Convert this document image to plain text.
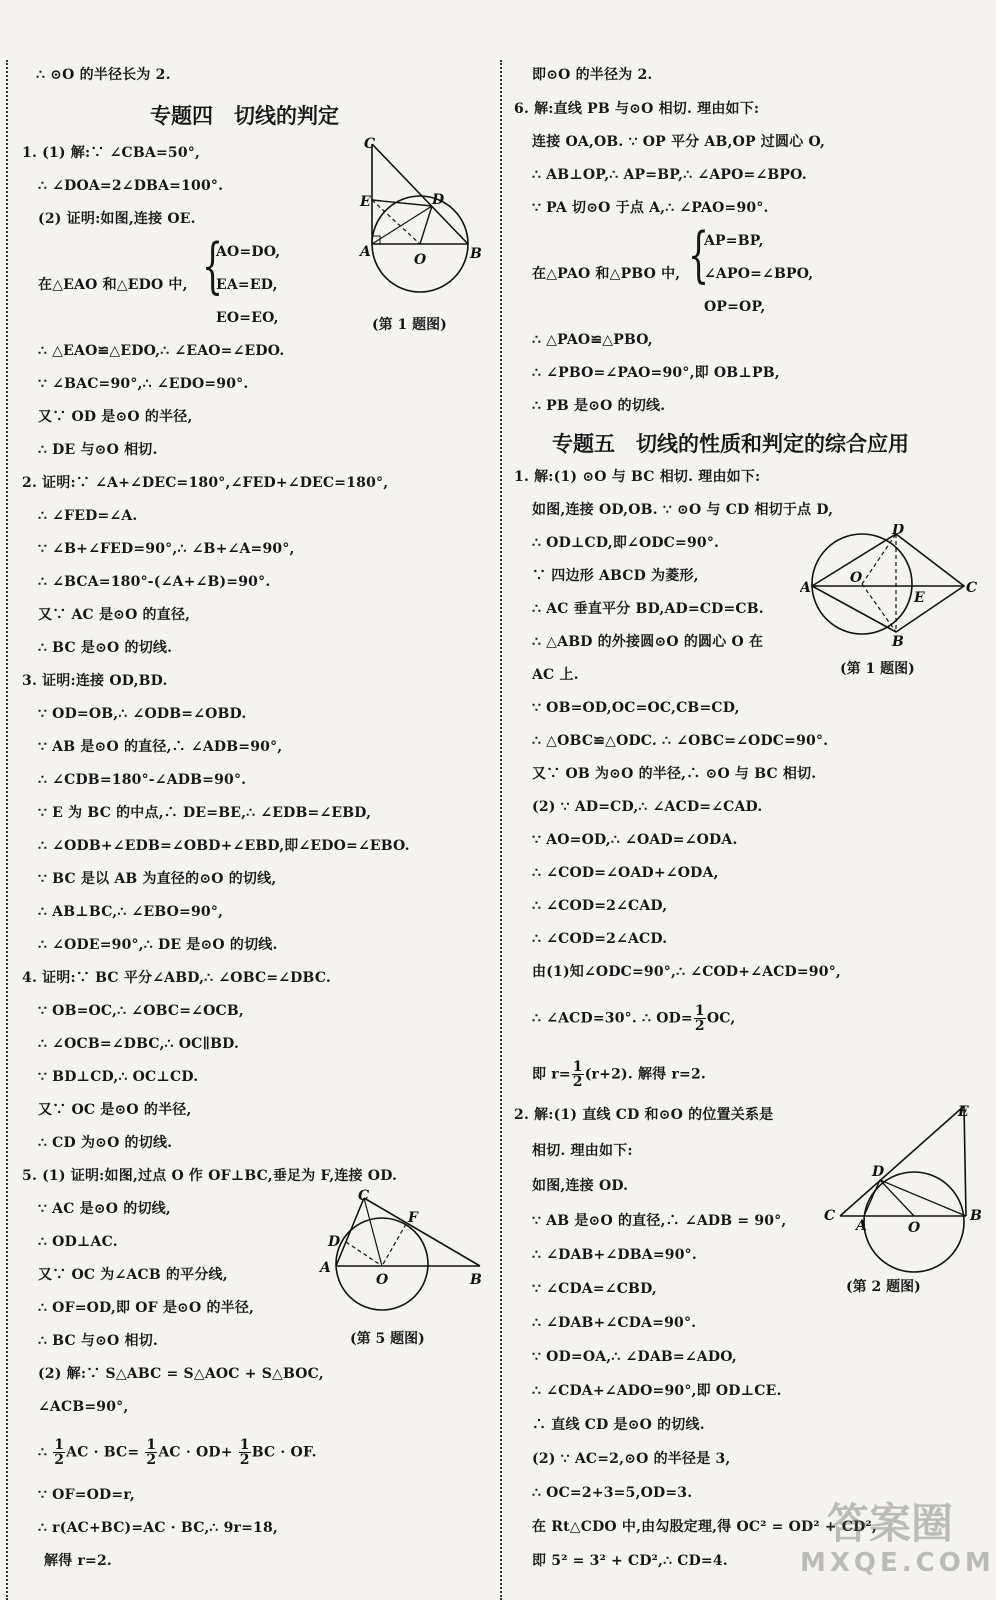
∴ ⊙O 的半径长为 2.
专题四　切线的判定
1. (1) 解:∵ ∠CBA=50°,
∴ ∠DOA=2∠DBA=100°.
(2) 证明:如图,连接 OE.
在△EAO 和△EDO 中, {
AO=DO,
EA=ED,
EO=EO,
∴ △EAO≌△EDO,∴ ∠EAO=∠EDO.
∵ ∠BAC=90°,∴ ∠EDO=90°.
又∵ OD 是⊙O 的半径,
∴ DE 与⊙O 相切.
2. 证明:∵ ∠A+∠DEC=180°,∠FED+∠DEC=180°,
∴ ∠FED=∠A.
∵ ∠B+∠FED=90°,∴ ∠B+∠A=90°,
∴ ∠BCA=180°-(∠A+∠B)=90°.
又∵ AC 是⊙O 的直径,
∴ BC 是⊙O 的切线.
3. 证明:连接 OD,BD.
∵ OD=OB,∴ ∠ODB=∠OBD.
∵ AB 是⊙O 的直径,∴ ∠ADB=90°,
∴ ∠CDB=180°-∠ADB=90°.
∵ E 为 BC 的中点,∴ DE=BE,∴ ∠EDB=∠EBD,
∴ ∠ODB+∠EDB=∠OBD+∠EBD,即∠EDO=∠EBO.
∵ BC 是以 AB 为直径的⊙O 的切线,
∴ AB⊥BC,∴ ∠EBO=90°,
∴ ∠ODE=90°,∴ DE 是⊙O 的切线.
4. 证明:∵ BC 平分∠ABD,∴ ∠OBC=∠DBC.
∵ OB=OC,∴ ∠OBC=∠OCB,
∴ ∠OCB=∠DBC,∴ OC∥BD.
∵ BD⊥CD,∴ OC⊥CD.
又∵ OC 是⊙O 的半径,
∴ CD 为⊙O 的切线.
5. (1) 证明:如图,过点 O 作 OF⊥BC,垂足为 F,连接 OD.
∵ AC 是⊙O 的切线,
∴ OD⊥AC.
又∵ OC 为∠ACB 的平分线,
∴ OF=OD,即 OF 是⊙O 的半径,
∴ BC 与⊙O 相切.
(2) 解:∵ S△ABC = S△AOC + S△BOC,
∠ACB=90°,
∴ $\frac{1}{2}$ AC · $BC= \frac{1}{2}$ AC · $OD+ \frac{1}{2}$ BC · OF.
∵ OF=OD=r,
∴ r(AC+BC)=AC · BC,∴ 9r=18,
解得 r=2.
C
E	D
A	O	B
(第 1 题图)
C
F
D
A
O	B
(第 5 题图)
即⊙O 的半径为 2.
6. 解:直线 PB 与⊙O 相切. 理由如下:
连接 OA,OB. ∵ OP 平分 AB,OP 过圆心 O,
∴ AB⊥OP,∴ AP=BP,∴ ∠APO=∠BPO.
∵ PA 切⊙O 于点 A,∴ ∠PAO=90°.
在△PAO 和△PBO 中, {
AP=BP,
∠APO=∠BPO,
OP=OP,
∴ △PAO≌△PBO,
∴ ∠PBO=∠PAO=90°,即 OB⊥PB,
∴ PB 是⊙O 的切线.
专题五　切线的性质和判定的综合应用
1. 解:(1) ⊙O 与 BC 相切. 理由如下:
如图,连接 OD,OB. ∵ ⊙O 与 CD 相切于点 D,
∴ OD⊥CD,即∠ODC=90°.
∵ 四边形 ABCD 为菱形,
∴ AC 垂直平分 BD,AD=CD=CB.
∴ △ABD 的外接圆⊙O 的圆心 O 在
AC 上.
∵ OB=OD,OC=OC,CB=CD,
∴ △OBC≌△ODC. ∴ ∠OBC=∠ODC=90°.
又∵ OB 为⊙O 的半径,∴ ⊙O 与 BC 相切.
(2) ∵ AD=CD,∴ ∠ACD=∠CAD.
∵ AO=OD,∴ ∠OAD=∠ODA.
∴ ∠COD=∠OAD+∠ODA,
∴ ∠COD=2∠CAD,
∴ ∠COD=2∠ACD.
由(1)知∠ODC=90°,∴ ∠COD+∠ACD=90°,
∴ ∠ACD=30°. ∴ $OD= \frac{1}{2}$ OC,
即 $r= \frac{1}{2} (r+2)$. 解得 r=2.
2. 解:(1) 直线 CD 和⊙O 的位置关系是
相切. 理由如下:
如图,连接 OD.
∵ AB 是⊙O 的直径,∴ ∠ADB = 90°,
∴ ∠DAB+∠DBA=90°.
∵ ∠CDA=∠CBD,
∴ ∠DAB+∠CDA=90°.
∵ OD=OA,∴ ∠DAB=∠ADO,
∴ ∠CDA+∠ADO=90°,即 OD⊥CE.
∴ 直线 CD 是⊙O 的切线.
(2) ∵ AC=2,⊙O 的半径是 3,
∴ OC=2+3=5,OD=3.
在 Rt△CDO 中,由勾股定理,得 OC² = OD² + CD²,
即 5² = 3² + CD²,∴ CD=4.
D
A
O
E
C
B
(第 1 题图)
E
D
C
A	O
B
(第 2 题图)
答案圈
MXQE.COM
